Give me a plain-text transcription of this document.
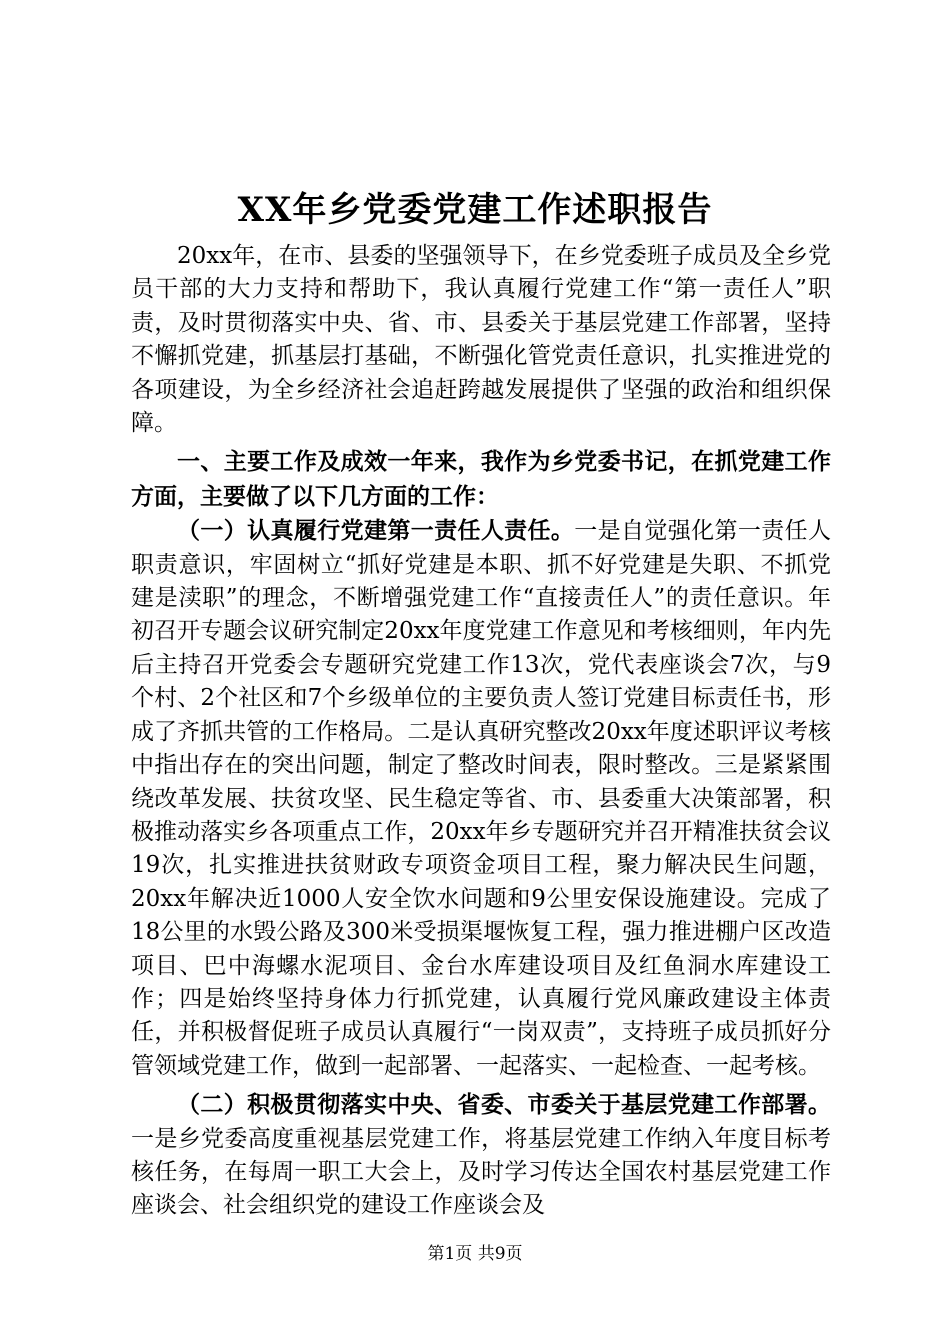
XX年乡党委党建工作述职报告

20xx年，在市、县委的坚强领导下，在乡党委班子成员及全乡党员干部的大力支持和帮助下，我认真履行党建工作“第一责任人”职责，及时贯彻落实中央、省、市、县委关于基层党建工作部署，坚持不懈抓党建，抓基层打基础，不断强化管党责任意识，扎实推进党的各项建设，为全乡经济社会追赶跨越发展提供了坚强的政治和组织保障。

一、主要工作及成效一年来，我作为乡党委书记，在抓党建工作方面，主要做了以下几方面的工作：

（一）认真履行党建第一责任人责任。一是自觉强化第一责任人职责意识，牢固树立“抓好党建是本职、抓不好党建是失职、不抓党建是渎职”的理念，不断增强党建工作“直接责任人”的责任意识。年初召开专题会议研究制定20xx年度党建工作意见和考核细则，年内先后主持召开党委会专题研究党建工作13次，党代表座谈会7次，与9个村、2个社区和7个乡级单位的主要负责人签订党建目标责任书，形成了齐抓共管的工作格局。二是认真研究整改20xx年度述职评议考核中指出存在的突出问题，制定了整改时间表，限时整改。三是紧紧围绕改革发展、扶贫攻坚、民生稳定等省、市、县委重大决策部署，积极推动落实乡各项重点工作，20xx年乡专题研究并召开精准扶贫会议19次，扎实推进扶贫财政专项资金项目工程，聚力解决民生问题，20xx年解决近1000人安全饮水问题和9公里安保设施建设。完成了18公里的水毁公路及300米受损渠堰恢复工程，强力推进棚户区改造项目、巴中海螺水泥项目、金台水库建设项目及红鱼洞水库建设工作；四是始终坚持身体力行抓党建，认真履行党风廉政建设主体责任，并积极督促班子成员认真履行“一岗双责”，支持班子成员抓好分管领域党建工作，做到一起部署、一起落实、一起检查、一起考核。

（二）积极贯彻落实中央、省委、市委关于基层党建工作部署。一是乡党委高度重视基层党建工作，将基层党建工作纳入年度目标考核任务，在每周一职工大会上，及时学习传达全国农村基层党建工作座谈会、社会组织党的建设工作座谈会及

第1页 共9页
